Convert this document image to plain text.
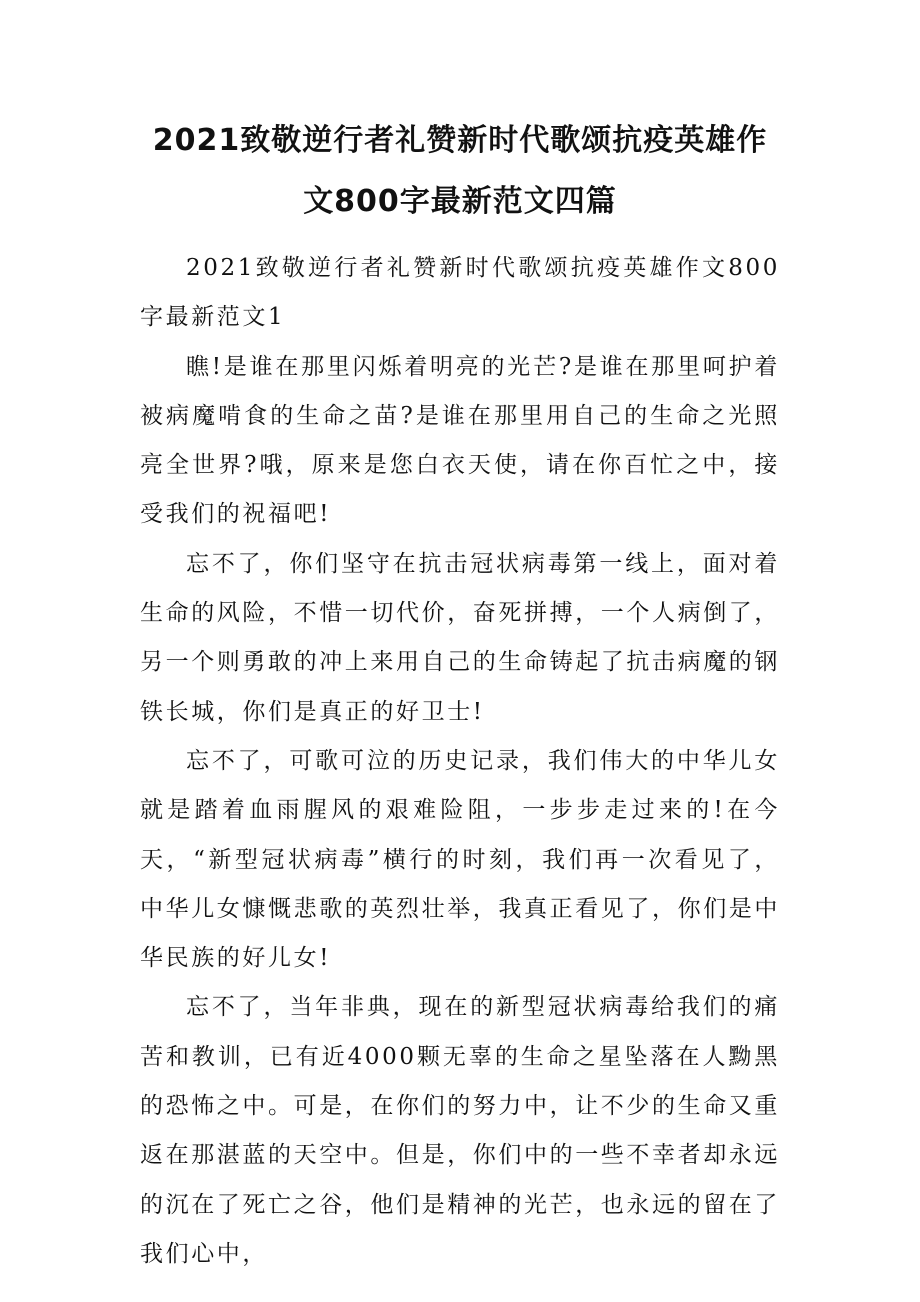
2021致敬逆行者礼赞新时代歌颂抗疫英雄作文800字最新范文四篇

2021致敬逆行者礼赞新时代歌颂抗疫英雄作文800字最新范文1

瞧!是谁在那里闪烁着明亮的光芒?是谁在那里呵护着被病魔啃食的生命之苗?是谁在那里用自己的生命之光照亮全世界?哦，原来是您白衣天使，请在你百忙之中，接受我们的祝福吧!

忘不了，你们坚守在抗击冠状病毒第一线上，面对着生命的风险，不惜一切代价，奋死拼搏，一个人病倒了，另一个则勇敢的冲上来用自己的生命铸起了抗击病魔的钢铁长城，你们是真正的好卫士!

忘不了，可歌可泣的历史记录，我们伟大的中华儿女就是踏着血雨腥风的艰难险阻，一步步走过来的!在今天，“新型冠状病毒”横行的时刻，我们再一次看见了，中华儿女慷慨悲歌的英烈壮举，我真正看见了，你们是中华民族的好儿女!

忘不了，当年非典，现在的新型冠状病毒给我们的痛苦和教训，已有近4000颗无辜的生命之星坠落在人黝黑的恐怖之中。可是，在你们的努力中，让不少的生命又重返在那湛蓝的天空中。但是，你们中的一些不幸者却永远的沉在了死亡之谷，他们是精神的光芒，也永远的留在了我们心中，
